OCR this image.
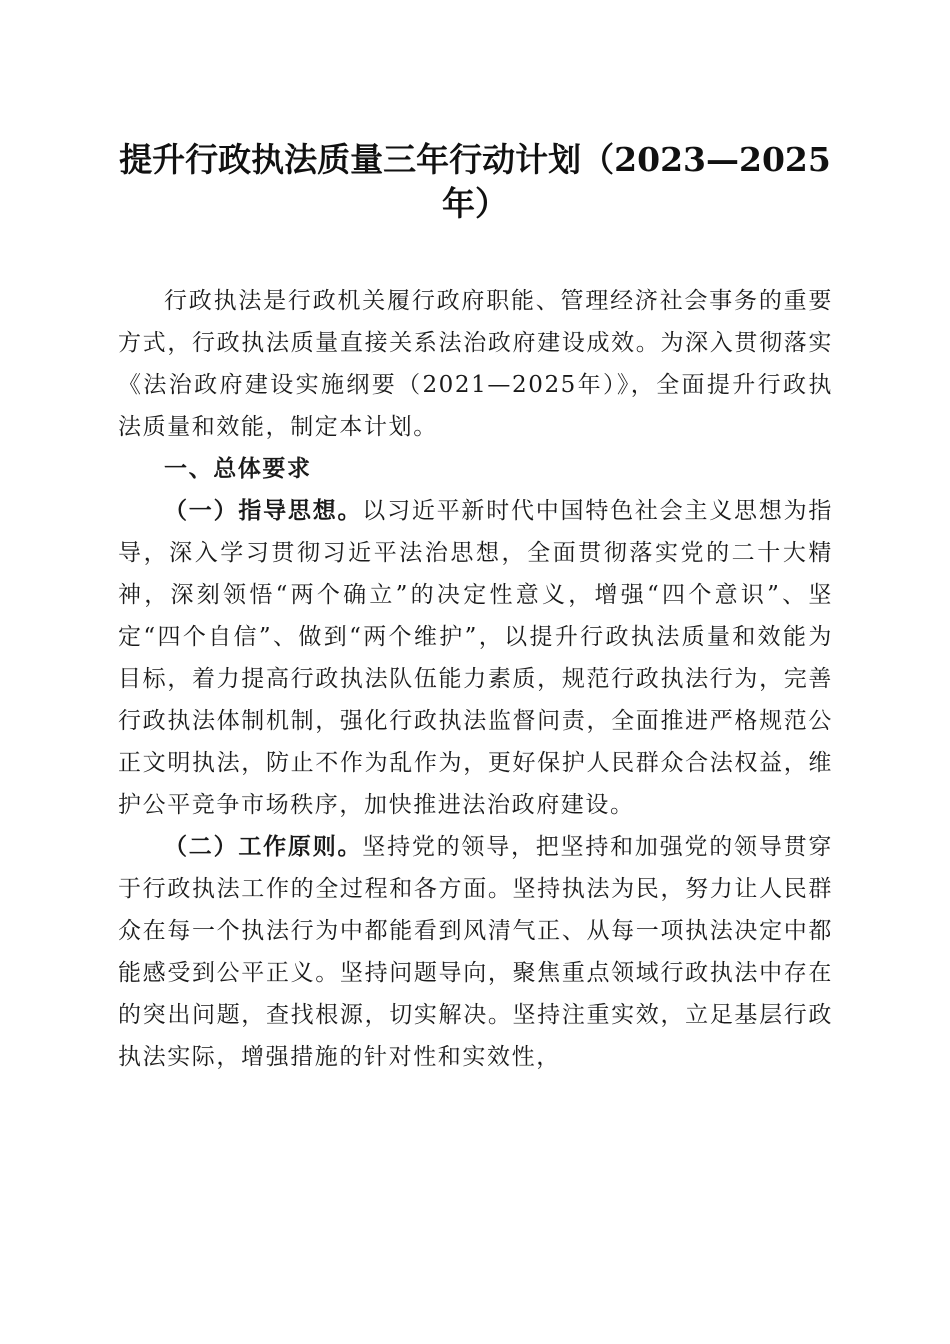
提升行政执法质量三年行动计划（2023—2025年）

行政执法是行政机关履行政府职能、管理经济社会事务的重要方式，行政执法质量直接关系法治政府建设成效。为深入贯彻落实《法治政府建设实施纲要（2021—2025年）》，全面提升行政执法质量和效能，制定本计划。

一、总体要求

（一）指导思想。以习近平新时代中国特色社会主义思想为指导，深入学习贯彻习近平法治思想，全面贯彻落实党的二十大精神，深刻领悟“两个确立”的决定性意义，增强“四个意识”、坚定“四个自信”、做到“两个维护”，以提升行政执法质量和效能为目标，着力提高行政执法队伍能力素质，规范行政执法行为，完善行政执法体制机制，强化行政执法监督问责，全面推进严格规范公正文明执法，防止不作为乱作为，更好保护人民群众合法权益，维护公平竞争市场秩序，加快推进法治政府建设。

（二）工作原则。坚持党的领导，把坚持和加强党的领导贯穿于行政执法工作的全过程和各方面。坚持执法为民，努力让人民群众在每一个执法行为中都能看到风清气正、从每一项执法决定中都能感受到公平正义。坚持问题导向，聚焦重点领域行政执法中存在的突出问题，查找根源，切实解决。坚持注重实效，立足基层行政执法实际，增强措施的针对性和实效性，
